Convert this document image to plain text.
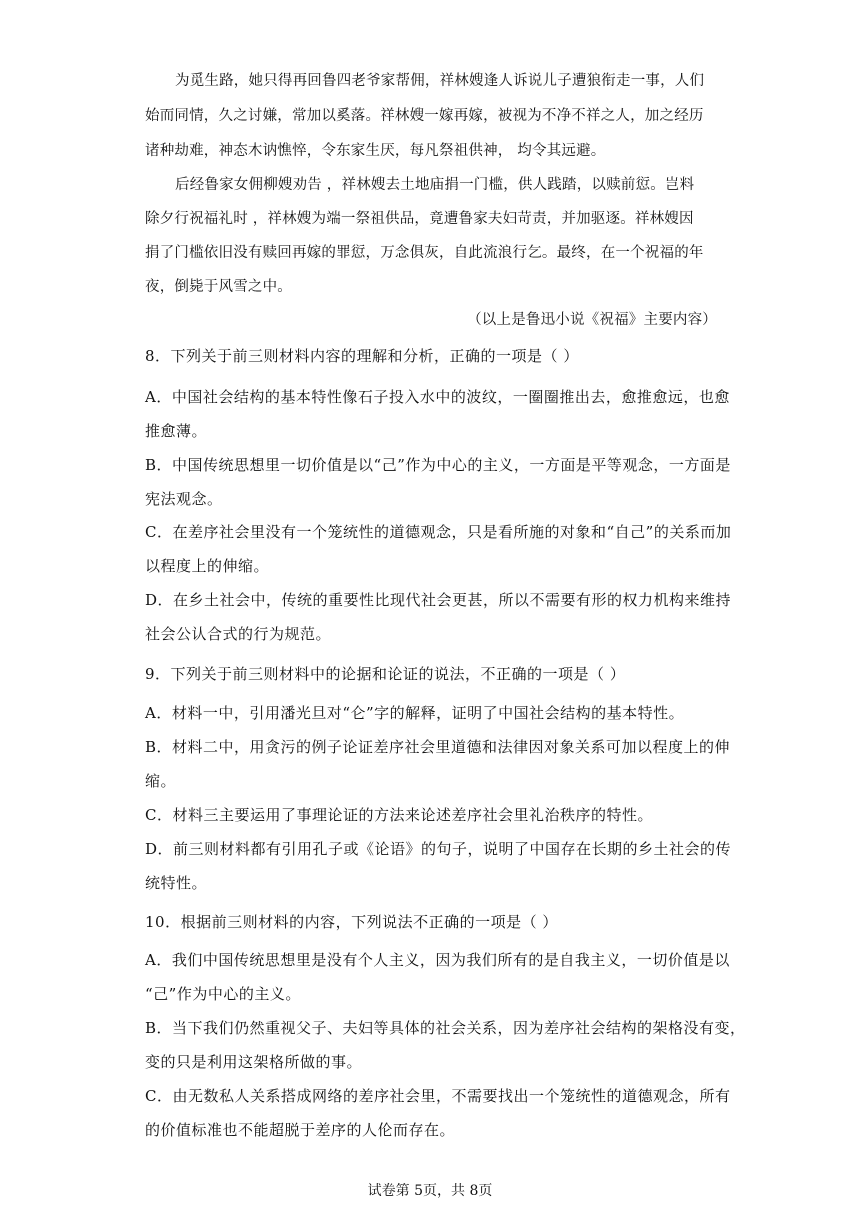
为觅生路，她只得再回鲁四老爷家帮佣，祥林嫂逢人诉说儿子遭狼衔走一事，人们
始而同情，久之讨嫌，常加以奚落。祥林嫂一嫁再嫁，被视为不净不祥之人，加之经历
诸种劫难，神态木讷憔悴，令东家生厌，每凡祭祖供神， 均令其远避。
后经鲁家女佣柳嫂劝告 ，祥林嫂去土地庙捐一门槛，供人践踏，以赎前愆。岂料
除夕行祝福礼时 ，祥林嫂为端一祭祖供品，竟遭鲁家夫妇苛责，并加驱逐。祥林嫂因
捐了门槛依旧没有赎回再嫁的罪愆，万念俱灰，自此流浪行乞。最终，在一个祝福的年
夜，倒毙于风雪之中。
（以上是鲁迅小说《祝福》主要内容）
8．下列关于前三则材料内容的理解和分析，正确的一项是（ ）
A．中国社会结构的基本特性像石子投入水中的波纹，一圈圈推出去，愈推愈远，也愈
推愈薄。
B．中国传统思想里一切价值是以“己”作为中心的主义，一方面是平等观念，一方面是
宪法观念。
C．在差序社会里没有一个笼统性的道德观念，只是看所施的对象和“自己”的关系而加
以程度上的伸缩。
D．在乡土社会中，传统的重要性比现代社会更甚，所以不需要有形的权力机构来维持
社会公认合式的行为规范。
9．下列关于前三则材料中的论据和论证的说法，不正确的一项是（ ）
A．材料一中，引用潘光旦对“仑”字的解释，证明了中国社会结构的基本特性。
B．材料二中，用贪污的例子论证差序社会里道德和法律因对象关系可加以程度上的伸
缩。
C．材料三主要运用了事理论证的方法来论述差序社会里礼治秩序的特性。
D．前三则材料都有引用孔子或《论语》的句子，说明了中国存在长期的乡土社会的传
统特性。
10．根据前三则材料的内容，下列说法不正确的一项是（ ）
A．我们中国传统思想里是没有个人主义，因为我们所有的是自我主义，一切价值是以
“己”作为中心的主义。
B．当下我们仍然重视父子、夫妇等具体的社会关系，因为差序社会结构的架格没有变，
变的只是利用这架格所做的事。
C．由无数私人关系搭成网络的差序社会里，不需要找出一个笼统性的道德观念，所有
的价值标准也不能超脱于差序的人伦而存在。
试卷第 5页，共 8页
